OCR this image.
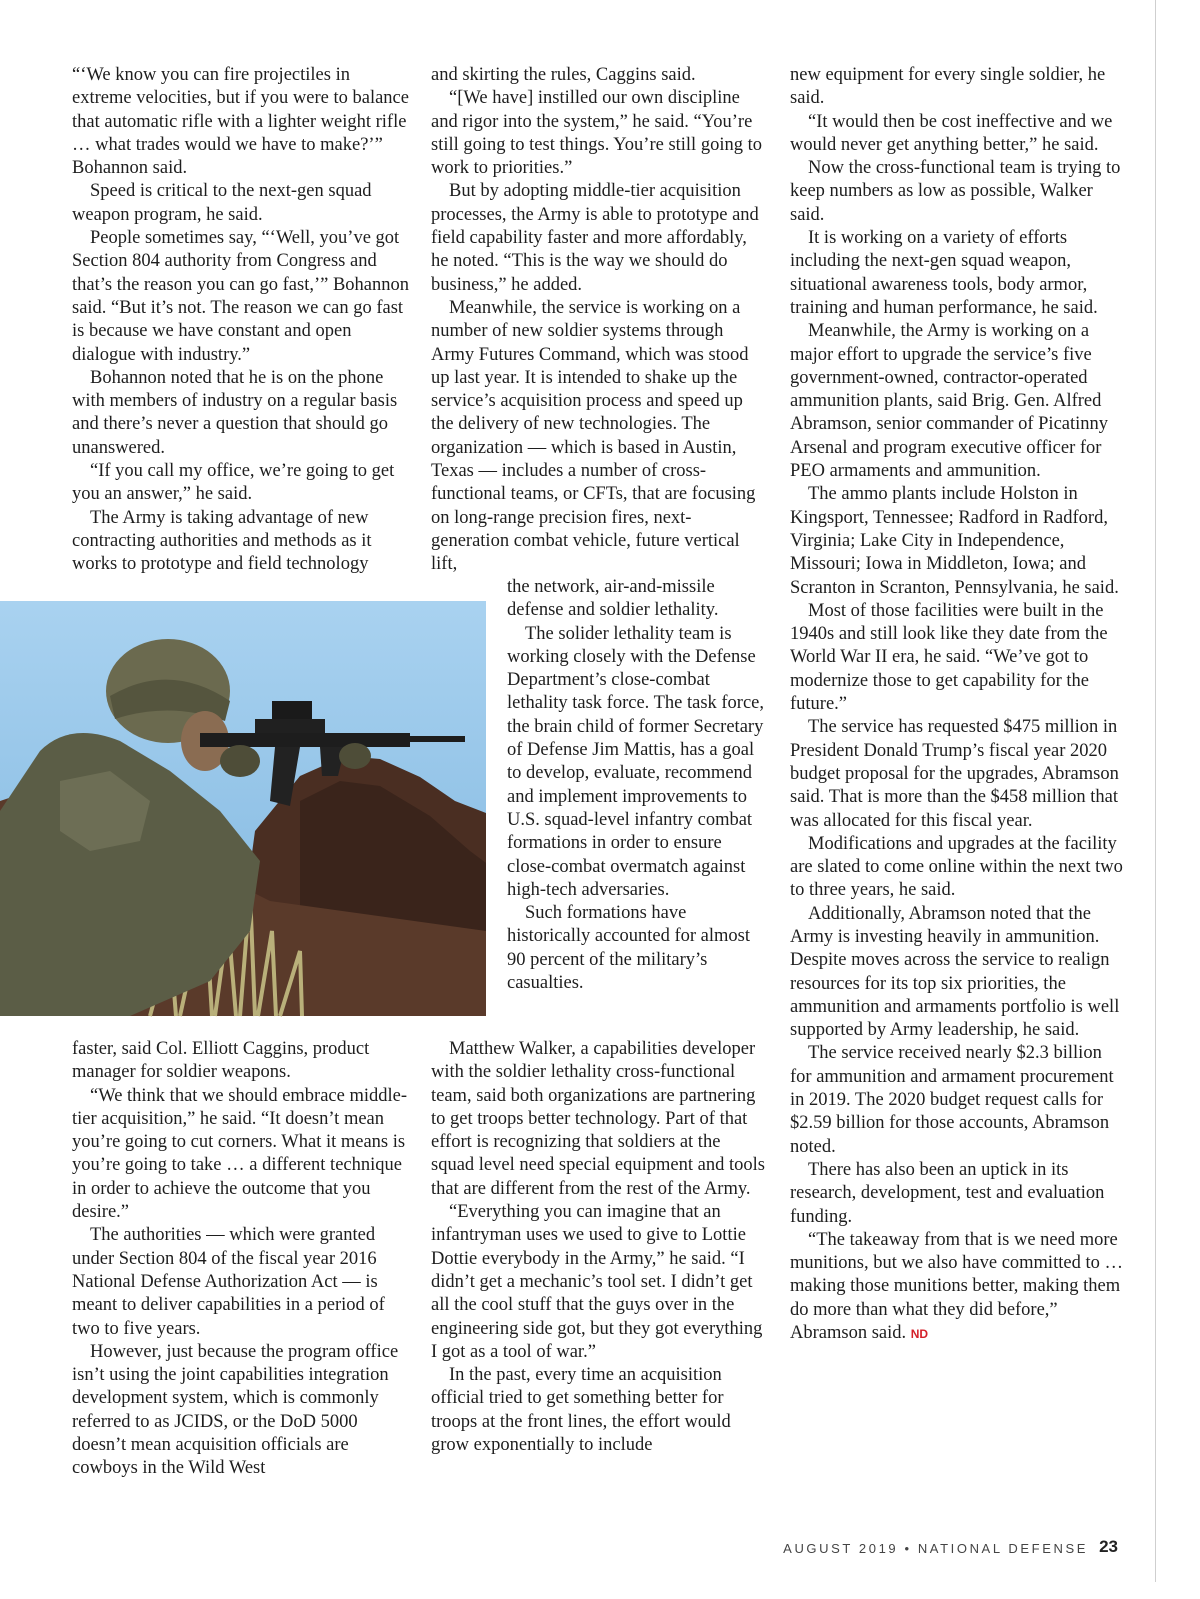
“‘We know you can fire projectiles in extreme velocities, but if you were to balance that automatic rifle with a lighter weight rifle … what trades would we have to make?’” Bohannon said.

Speed is critical to the next-gen squad weapon program, he said.

People sometimes say, “‘Well, you’ve got Section 804 authority from Congress and that’s the reason you can go fast,’” Bohannon said. “But it’s not. The reason we can go fast is because we have constant and open dialogue with industry.”

Bohannon noted that he is on the phone with members of industry on a regular basis and there’s never a question that should go unanswered.

“If you call my office, we’re going to get you an answer,” he said.

The Army is taking advantage of new contracting authorities and methods as it works to prototype and field technology

M4A1

faster, said Col. Elliott Caggins, product manager for soldier weapons.

“We think that we should embrace middle-tier acquisition,” he said. “It doesn’t mean you’re going to cut corners. What it means is you’re going to take … a different technique in order to achieve the outcome that you desire.”

The authorities — which were granted under Section 804 of the fiscal year 2016 National Defense Authorization Act — is meant to deliver capabilities in a period of two to five years.

However, just because the program office isn’t using the joint capabilities integration development system, which is commonly referred to as JCIDS, or the DoD 5000 doesn’t mean acquisition officials are cowboys in the Wild West

and skirting the rules, Caggins said.

“[We have] instilled our own discipline and rigor into the system,” he said. “You’re still going to test things. You’re still going to work to priorities.”

But by adopting middle-tier acquisition processes, the Army is able to prototype and field capability faster and more affordably, he noted. “This is the way we should do business,” he added.

Meanwhile, the service is working on a number of new soldier systems through Army Futures Command, which was stood up last year. It is intended to shake up the service’s acquisition process and speed up the delivery of new technologies. The organization — which is based in Austin, Texas — includes a number of cross-functional teams, or CFTs, that are focusing on long-range precision fires, next-generation combat vehicle, future vertical lift,

the network, air-and-missile defense and soldier lethality.

The solider lethality team is working closely with the Defense Department’s close-combat lethality task force. The task force, the brain child of former Secretary of Defense Jim Mattis, has a goal to develop, evaluate, recommend and implement improvements to U.S. squad-level infantry combat formations in order to ensure close-combat overmatch against high-tech adversaries.

Such formations have historically accounted for almost 90 percent of the military’s casualties.

Matthew Walker, a capabilities developer with the soldier lethality cross-functional team, said both organizations are partnering to get troops better technology. Part of that effort is recognizing that soldiers at the squad level need special equipment and tools that are different from the rest of the Army.

“Everything you can imagine that an infantryman uses we used to give to Lottie Dottie everybody in the Army,” he said. “I didn’t get a mechanic’s tool set. I didn’t get all the cool stuff that the guys over in the engineering side got, but they got everything I got as a tool of war.”

In the past, every time an acquisition official tried to get something better for troops at the front lines, the effort would grow exponentially to include

new equipment for every single soldier, he said.

“It would then be cost ineffective and we would never get anything better,” he said.

Now the cross-functional team is trying to keep numbers as low as possible, Walker said.

It is working on a variety of efforts including the next-gen squad weapon, situational awareness tools, body armor, training and human performance, he said.

Meanwhile, the Army is working on a major effort to upgrade the service’s five government-owned, contractor-operated ammunition plants, said Brig. Gen. Alfred Abramson, senior commander of Picatinny Arsenal and program executive officer for PEO armaments and ammunition.

The ammo plants include Holston in Kingsport, Tennessee; Radford in Radford, Virginia; Lake City in Independence, Missouri; Iowa in Middleton, Iowa; and Scranton in Scranton, Pennsylvania, he said.

Most of those facilities were built in the 1940s and still look like they date from the World War II era, he said. “We’ve got to modernize those to get capability for the future.”

The service has requested $475 million in President Donald Trump’s fiscal year 2020 budget proposal for the upgrades, Abramson said. That is more than the $458 million that was allocated for this fiscal year.

Modifications and upgrades at the facility are slated to come online within the next two to three years, he said.

Additionally, Abramson noted that the Army is investing heavily in ammunition. Despite moves across the service to realign resources for its top six priorities, the ammunition and armaments portfolio is well supported by Army leadership, he said.

The service received nearly $2.3 billion for ammunition and armament procurement in 2019. The 2020 budget request calls for $2.59 billion for those accounts, Abramson noted.

There has also been an uptick in its research, development, test and evaluation funding.

“The takeaway from that is we need more munitions, but we also have committed to … making those munitions better, making them do more than what they did before,” Abramson said. ND

AUGUST 2019 • NATIONAL DEFENSE 23
